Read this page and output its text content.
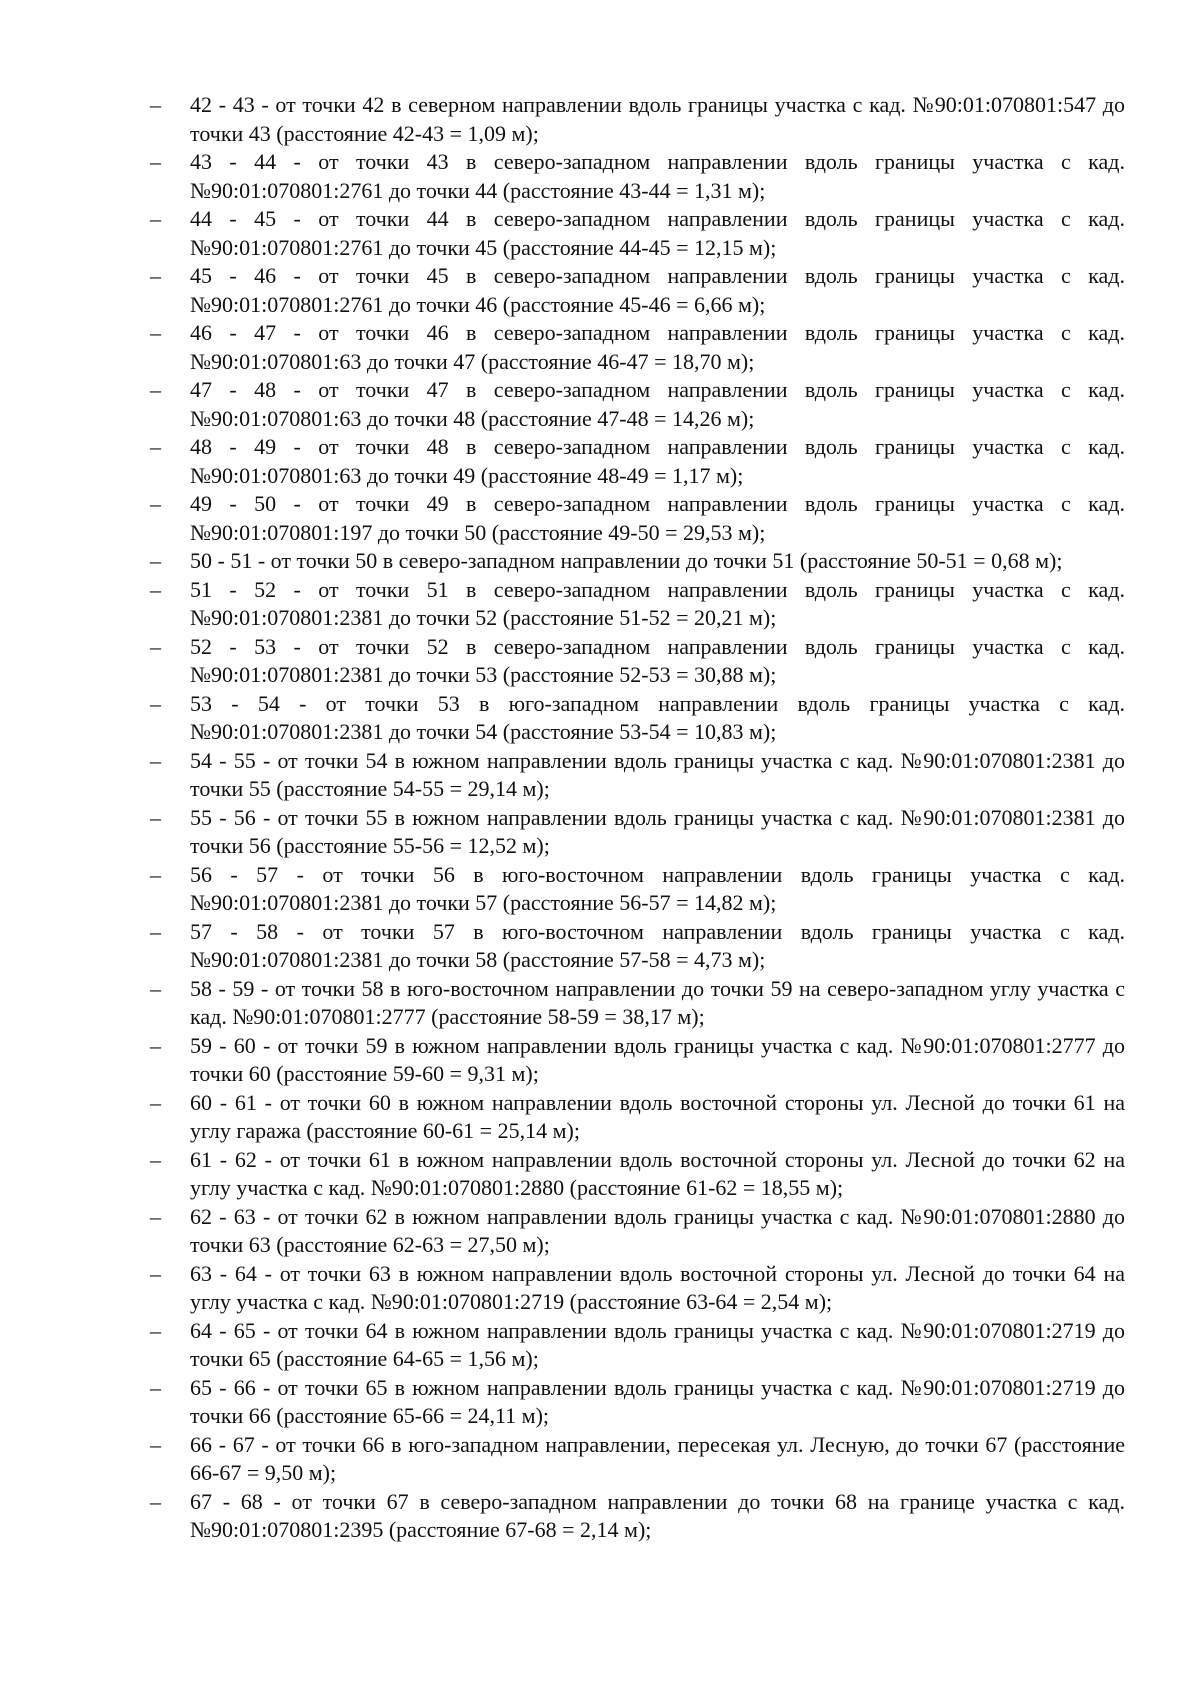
–	42 - 43 - от точки 42 в северном направлении вдоль границы участка с кад. №90:01:070801:547 до точки 43 (расстояние 42-43 = 1,09 м);
–	43 - 44 - от точки 43 в северо-западном направлении вдоль границы участка с кад. №90:01:070801:2761 до точки 44 (расстояние 43-44 = 1,31 м);
–	44 - 45 - от точки 44 в северо-западном направлении вдоль границы участка с кад. №90:01:070801:2761 до точки 45 (расстояние 44-45 = 12,15 м);
–	45 - 46 - от точки 45 в северо-западном направлении вдоль границы участка с кад. №90:01:070801:2761 до точки 46 (расстояние 45-46 = 6,66 м);
–	46 - 47 - от точки 46 в северо-западном направлении вдоль границы участка с кад. №90:01:070801:63 до точки 47 (расстояние 46-47 = 18,70 м);
–	47 - 48 - от точки 47 в северо-западном направлении вдоль границы участка с кад. №90:01:070801:63 до точки 48 (расстояние 47-48 = 14,26 м);
–	48 - 49 - от точки 48 в северо-западном направлении вдоль границы участка с кад. №90:01:070801:63 до точки 49 (расстояние 48-49 = 1,17 м);
–	49 - 50 - от точки 49 в северо-западном направлении вдоль границы участка с кад. №90:01:070801:197 до точки 50 (расстояние 49-50 = 29,53 м);
–	50 - 51 - от точки 50 в северо-западном направлении до точки 51 (расстояние 50-51 = 0,68 м);
–	51 - 52 - от точки 51 в северо-западном направлении вдоль границы участка с кад. №90:01:070801:2381 до точки 52 (расстояние 51-52 = 20,21 м);
–	52 - 53 - от точки 52 в северо-западном направлении вдоль границы участка с кад. №90:01:070801:2381 до точки 53 (расстояние 52-53 = 30,88 м);
–	53 - 54 - от точки 53 в юго-западном направлении вдоль границы участка с кад. №90:01:070801:2381 до точки 54 (расстояние 53-54 = 10,83 м);
–	54 - 55 - от точки 54 в южном направлении вдоль границы участка с кад. №90:01:070801:2381 до точки 55 (расстояние 54-55 = 29,14 м);
–	55 - 56 - от точки 55 в южном направлении вдоль границы участка с кад. №90:01:070801:2381 до точки 56 (расстояние 55-56 = 12,52 м);
–	56 - 57 - от точки 56 в юго-восточном направлении вдоль границы участка с кад. №90:01:070801:2381 до точки 57 (расстояние 56-57 = 14,82 м);
–	57 - 58 - от точки 57 в юго-восточном направлении вдоль границы участка с кад. №90:01:070801:2381 до точки 58 (расстояние 57-58 = 4,73 м);
–	58 - 59 - от точки 58 в юго-восточном направлении до точки 59 на северо-западном углу участка с кад. №90:01:070801:2777 (расстояние 58-59 = 38,17 м);
–	59 - 60 - от точки 59 в южном направлении вдоль границы участка с кад. №90:01:070801:2777 до точки 60 (расстояние 59-60 = 9,31 м);
–	60 - 61 - от точки 60 в южном направлении вдоль восточной стороны ул. Лесной до точки 61 на углу гаража (расстояние 60-61 = 25,14 м);
–	61 - 62 - от точки 61 в южном направлении вдоль восточной стороны ул. Лесной до точки 62 на углу участка с кад. №90:01:070801:2880 (расстояние 61-62 = 18,55 м);
–	62 - 63 - от точки 62 в южном направлении вдоль границы участка с кад. №90:01:070801:2880 до точки 63 (расстояние 62-63 = 27,50 м);
–	63 - 64 - от точки 63 в южном направлении вдоль восточной стороны ул. Лесной до точки 64 на углу участка с кад. №90:01:070801:2719 (расстояние 63-64 = 2,54 м);
–	64 - 65 - от точки 64 в южном направлении вдоль границы участка с кад. №90:01:070801:2719 до точки 65 (расстояние 64-65 = 1,56 м);
–	65 - 66 - от точки 65 в южном направлении вдоль границы участка с кад. №90:01:070801:2719 до точки 66 (расстояние 65-66 = 24,11 м);
–	66 - 67 - от точки 66 в юго-западном направлении, пересекая ул. Лесную, до точки 67 (расстояние 66-67 = 9,50 м);
–	67 - 68 - от точки 67 в северо-западном направлении до точки 68 на границе участка с кад. №90:01:070801:2395 (расстояние 67-68 = 2,14 м);
